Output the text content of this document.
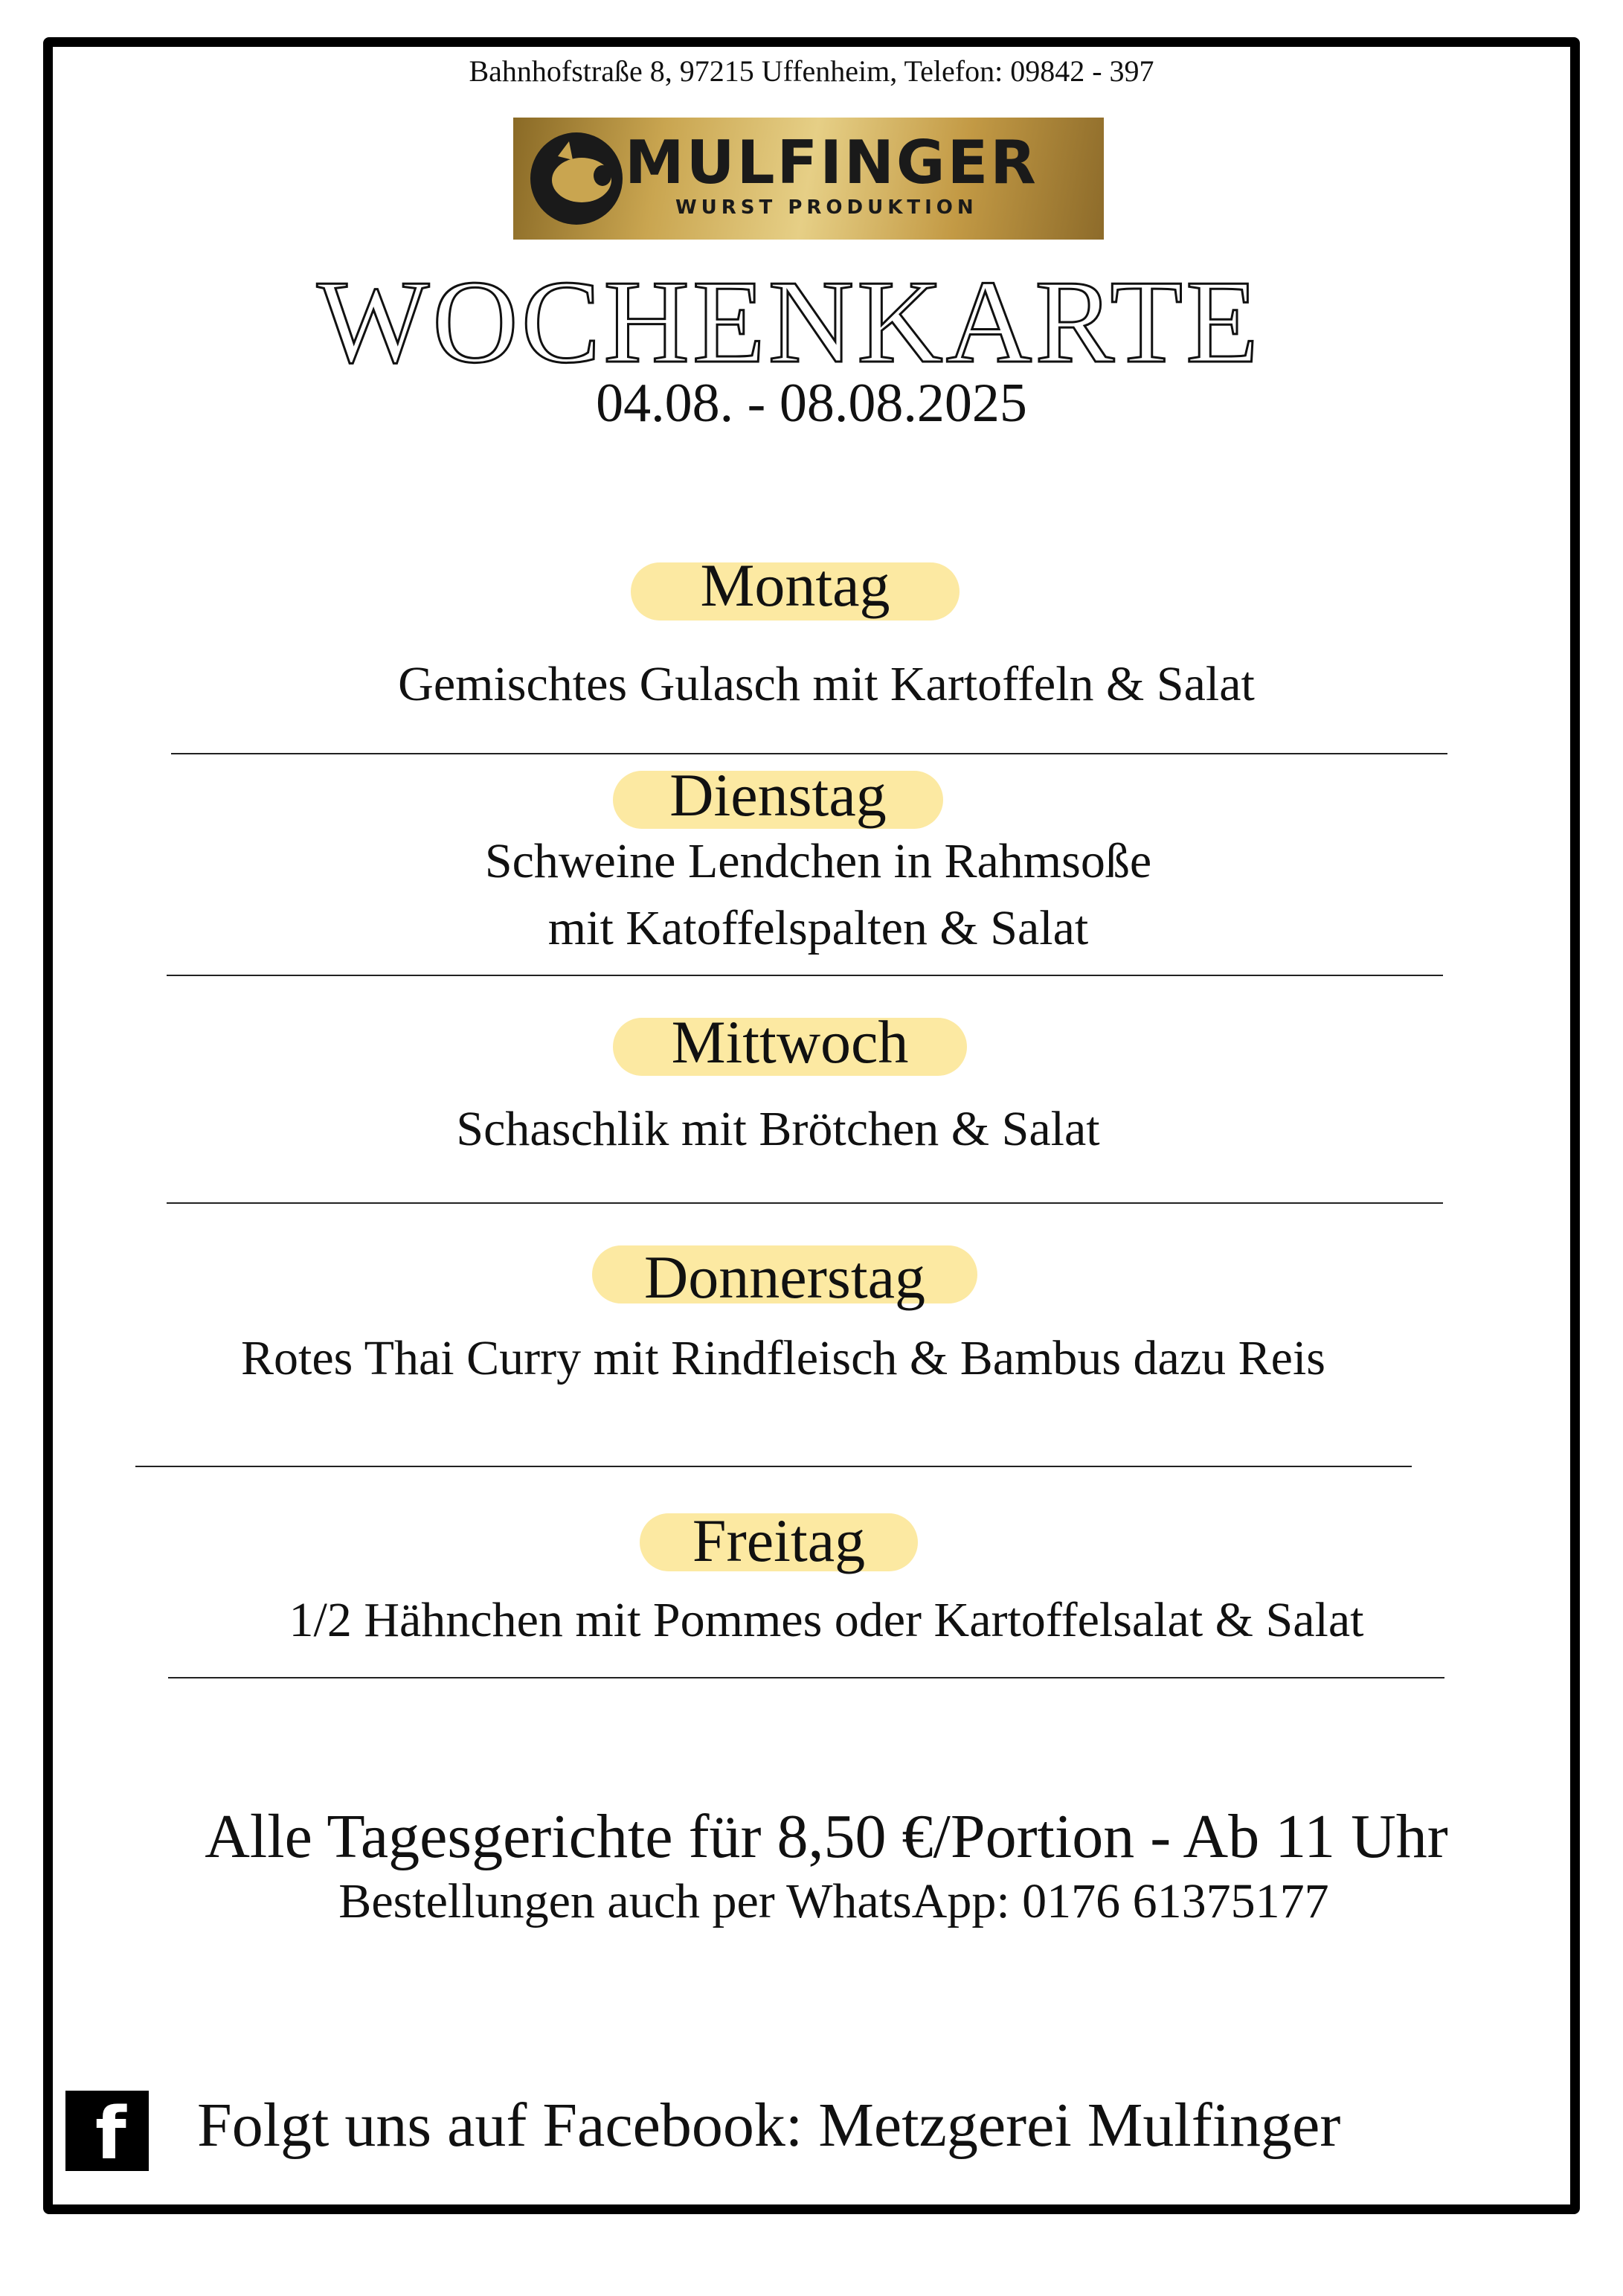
Bahnhofstraße 8, 97215 Uffenheim, Telefon: 09842 - 397
MULFINGER
WURST PRODUKTION
WOCHENKARTE
04.08. - 08.08.2025
Montag
Gemischtes Gulasch mit Kartoffeln & Salat
Dienstag
Schweine Lendchen in Rahmsoße
mit Katoffelspalten & Salat
Mittwoch
Schaschlik mit Brötchen & Salat
Donnerstag
Rotes Thai Curry mit Rindfleisch & Bambus dazu Reis
Freitag
1/2 Hähnchen mit Pommes oder Kartoffelsalat & Salat
Alle Tagesgerichte für 8,50 €/Portion - Ab 11 Uhr
Bestellungen auch per WhatsApp: 0176 61375177
f Folgt uns auf Facebook: Metzgerei Mulfinger
